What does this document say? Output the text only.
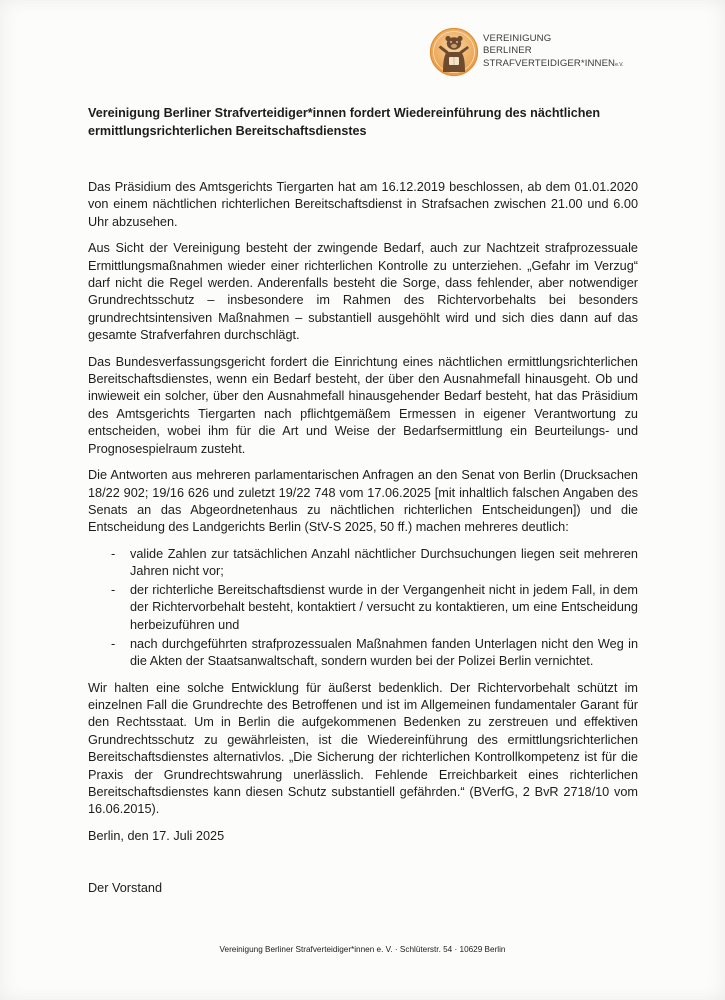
VEREINIGUNG
BERLINER
STRAFVERTEIDIGER*INNENe.V.
Vereinigung Berliner Strafverteidiger*innen fordert Wiedereinführung des nächtlichen ermittlungsrichterlichen Bereitschaftsdienstes

Das Präsidium des Amtsgerichts Tiergarten hat am 16.12.2019 beschlossen, ab dem 01.01.2020 von einem nächtlichen richterlichen Bereitschaftsdienst in Strafsachen zwischen 21.00 und 6.00 Uhr abzusehen.

Aus Sicht der Vereinigung besteht der zwingende Bedarf, auch zur Nachtzeit strafprozessuale Ermittlungsmaßnahmen wieder einer richterlichen Kontrolle zu unterziehen. „Gefahr im Verzug“ darf nicht die Regel werden. Anderenfalls besteht die Sorge, dass fehlender, aber notwendiger Grundrechtsschutz – insbesondere im Rahmen des Richtervorbehalts bei besonders grundrechtsintensiven Maßnahmen – substantiell ausgehöhlt wird und sich dies dann auf das gesamte Strafverfahren durchschlägt.

Das Bundesverfassungsgericht fordert die Einrichtung eines nächtlichen ermittlungsrichterlichen Bereitschaftsdienstes, wenn ein Bedarf besteht, der über den Ausnahmefall hinausgeht. Ob und inwieweit ein solcher, über den Ausnahmefall hinausgehender Bedarf besteht, hat das Präsidium des Amtsgerichts Tiergarten nach pflichtgemäßem Ermessen in eigener Verantwortung zu entscheiden, wobei ihm für die Art und Weise der Bedarfsermittlung ein Beurteilungs- und Prognosespielraum zusteht.

Die Antworten aus mehreren parlamentarischen Anfragen an den Senat von Berlin (Drucksachen 18/22 902; 19/16 626 und zuletzt 19/22 748 vom 17.06.2025 [mit inhaltlich falschen Angaben des Senats an das Abgeordnetenhaus zu nächtlichen richterlichen Entscheidungen]) und die Entscheidung des Landgerichts Berlin (StV-S 2025, 50 ff.) machen mehreres deutlich:

-	valide Zahlen zur tatsächlichen Anzahl nächtlicher Durchsuchungen liegen seit mehreren Jahren nicht vor;
-	der richterliche Bereitschaftsdienst wurde in der Vergangenheit nicht in jedem Fall, in dem der Richtervorbehalt besteht, kontaktiert / versucht zu kontaktieren, um eine Entscheidung herbeizuführen und
-	nach durchgeführten strafprozessualen Maßnahmen fanden Unterlagen nicht den Weg in die Akten der Staatsanwaltschaft, sondern wurden bei der Polizei Berlin vernichtet.

Wir halten eine solche Entwicklung für äußerst bedenklich. Der Richtervorbehalt schützt im einzelnen Fall die Grundrechte des Betroffenen und ist im Allgemeinen fundamentaler Garant für den Rechtsstaat. Um in Berlin die aufgekommenen Bedenken zu zerstreuen und effektiven Grundrechtsschutz zu gewährleisten, ist die Wiedereinführung des ermittlungsrichterlichen Bereitschaftsdienstes alternativlos. „Die Sicherung der richterlichen Kontrollkompetenz ist für die Praxis der Grundrechtswahrung unerlässlich. Fehlende Erreichbarkeit eines richterlichen Bereitschaftsdienstes kann diesen Schutz substantiell gefährden.“ (BVerfG, 2 BvR 2718/10 vom 16.06.2015).

Berlin, den 17. Juli 2025

Der Vorstand

Vereinigung Berliner Strafverteidiger*innen e. V. · Schlüterstr. 54 · 10629 Berlin
